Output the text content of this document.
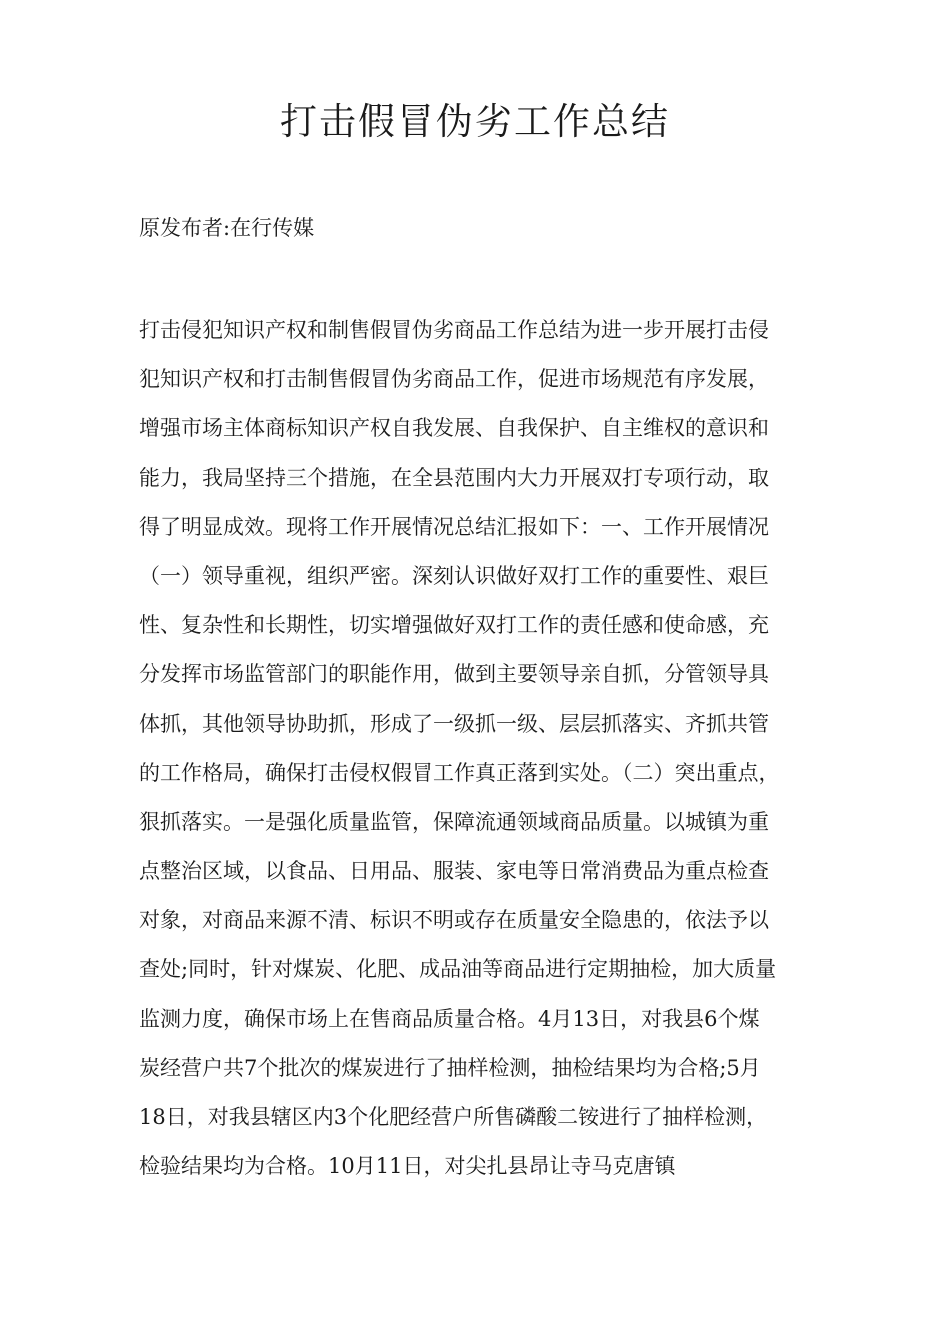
打击假冒伪劣工作总结

原发布者:在行传媒

打击侵犯知识产权和制售假冒伪劣商品工作总结为进一步开展打击侵
犯知识产权和打击制售假冒伪劣商品工作，促进市场规范有序发展，
增强市场主体商标知识产权自我发展、自我保护、自主维权的意识和
能力，我局坚持三个措施，在全县范围内大力开展双打专项行动，取
得了明显成效。现将工作开展情况总结汇报如下：一、工作开展情况
（一）领导重视，组织严密。深刻认识做好双打工作的重要性、艰巨
性、复杂性和长期性，切实增强做好双打工作的责任感和使命感，充
分发挥市场监管部门的职能作用，做到主要领导亲自抓，分管领导具
体抓，其他领导协助抓，形成了一级抓一级、层层抓落实、齐抓共管
的工作格局，确保打击侵权假冒工作真正落到实处。（二）突出重点，
狠抓落实。一是强化质量监管，保障流通领域商品质量。以城镇为重
点整治区域，以食品、日用品、服装、家电等日常消费品为重点检查
对象，对商品来源不清、标识不明或存在质量安全隐患的，依法予以
查处;同时，针对煤炭、化肥、成品油等商品进行定期抽检，加大质量
监测力度，确保市场上在售商品质量合格。4月13日，对我县6个煤
炭经营户共7个批次的煤炭进行了抽样检测，抽检结果均为合格;5月
18日，对我县辖区内3个化肥经营户所售磷酸二铵进行了抽样检测，
检验结果均为合格。10月11日，对尖扎县昂让寺马克唐镇
